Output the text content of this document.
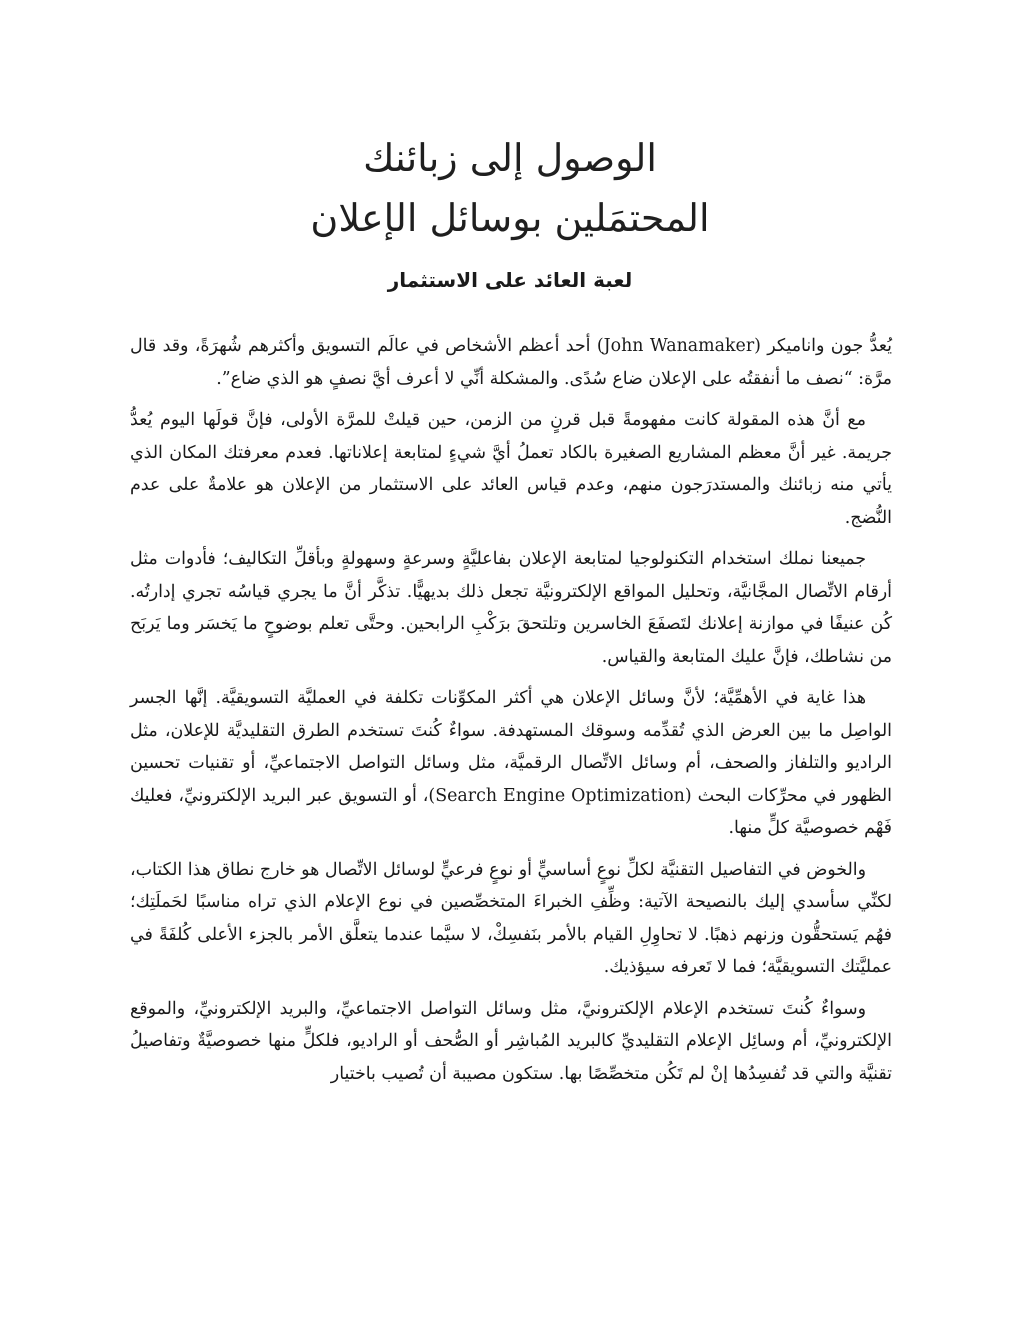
الوصول إلى زبائنك
المحتمَلين بوسائل الإعلان
لعبة العائد على الاستثمار

يُعدُّ جون واناميكر (John Wanamaker) أحد أعظم الأشخاص في عالَم التسويق وأكثرهم شُهرَةً، وقد قال مرَّة: “نصف ما أنفقتُه على الإعلان ضاع سُدًى. والمشكلة أنِّي لا أعرف أيَّ نصفٍ هو الذي ضاع”.

مع أنَّ هذه المقولة كانت مفهومةً قبل قرنٍ من الزمن، حين قيلتْ للمرَّة الأولى، فإنَّ قولَها اليوم يُعدُّ جريمة. غير أنَّ معظم المشاريع الصغيرة بالكاد تعملُ أيَّ شيءٍ لمتابعة إعلاناتها. فعدم معرفتك المكان الذي يأتي منه زبائنك والمستدرَجون منهم، وعدم قياس العائد على الاستثمار من الإعلان هو علامةٌ على عدم النُّضج.

جميعنا نملك استخدام التكنولوجيا لمتابعة الإعلان بفاعليَّةٍ وسرعةٍ وسهولةٍ وبأقلِّ التكاليف؛ فأدوات مثل أرقام الاتِّصال المجَّانيَّة، وتحليل المواقع الإلكترونيَّة تجعل ذلك بديهيًّا. تذكَّر أنَّ ما يجري قياسُه تجري إدارتُه. كُن عنيفًا في موازنة إعلانك لتَصفَعَ الخاسرين وتلتحقَ برَكْبِ الرابحين. وحتَّى تعلم بوضوحٍ ما يَخسَر وما يَربَح من نشاطك، فإنَّ عليك المتابعة والقياس.

هذا غاية في الأهمِّيَّة؛ لأنَّ وسائل الإعلان هي أكثر المكوِّنات تكلفة في العمليَّة التسويقيَّة. إنَّها الجسر الواصِل ما بين العرض الذي تُقدِّمه وسوقك المستهدفة. سواءٌ كُنتَ تستخدم الطرق التقليديَّة للإعلان، مثل الراديو والتلفاز والصحف، أم وسائل الاتِّصال الرقميَّة، مثل وسائل التواصل الاجتماعيِّ، أو تقنيات تحسين الظهور في محرِّكات البحث (Search Engine Optimization)، أو التسويق عبر البريد الإلكترونيِّ، فعليك فَهْم خصوصيَّة كلٍّ منها.

والخوض في التفاصيل التقنيَّة لكلِّ نوعٍ أساسيٍّ أو نوعٍ فرعيٍّ لوسائل الاتِّصال هو خارج نطاق هذا الكتاب، لكنِّي سأسدي إليك بالنصيحة الآتية: وظِّفِ الخبراءَ المتخصِّصين في نوع الإعلام الذي تراه مناسبًا لحَملَتِك؛ فهُم يَستحقُّون وزنهم ذهبًا. لا تحاوِلِ القيام بالأمر بنَفسِكْ، لا سيَّما عندما يتعلَّق الأمر بالجزء الأعلى كُلفَةً في عمليَّتك التسويقيَّة؛ فما لا تَعرفه سيؤذيك.

وسواءٌ كُنتَ تستخدم الإعلام الإلكترونيَّ، مثل وسائل التواصل الاجتماعيِّ، والبريد الإلكترونيِّ، والموقع الإلكترونيِّ، أم وسائِل الإعلام التقليديِّ كالبريد المُباشِر أو الصُّحف أو الراديو، فلكلٍّ منها خصوصيَّةٌ وتفاصيلُ تقنيَّة والتي قد تُفسِدُها إنْ لم تَكُن متخصِّصًا بها. ستكون مصيبة أن تُصيب باختيار
